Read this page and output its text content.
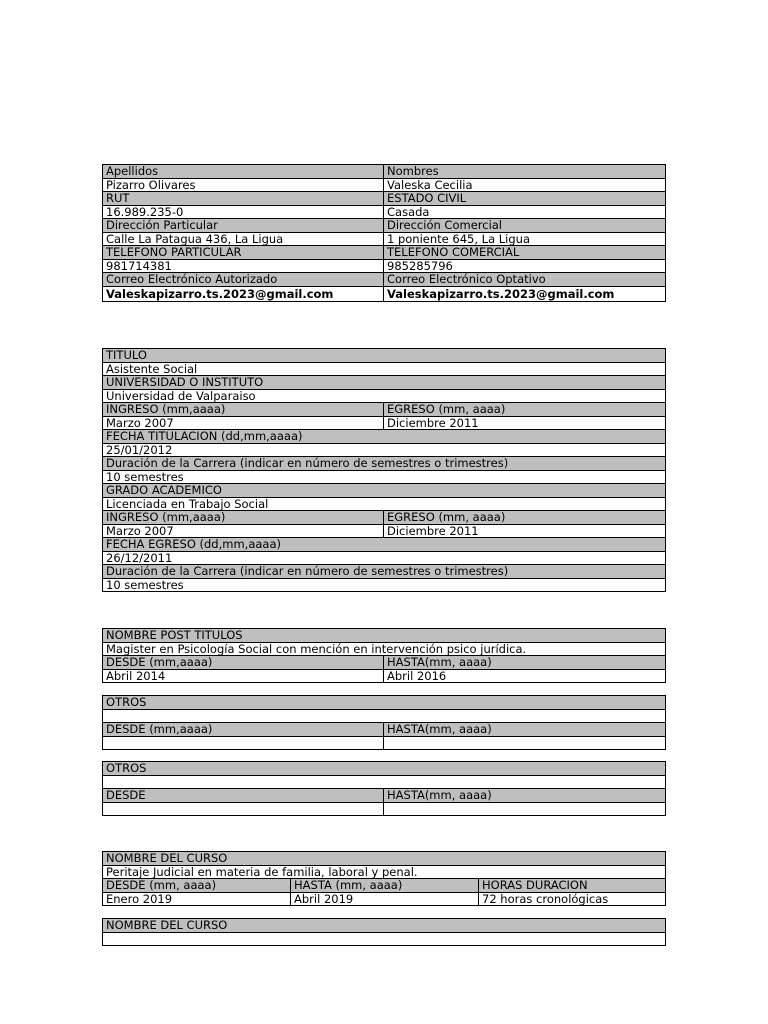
Apellidos	Nombres
Pizarro Olivares	Valeska Cecilia
RUT	ESTADO CIVIL
16.989.235-0	Casada
Dirección Particular	Dirección Comercial
Calle La Patagua 436, La Ligua	1 poniente 645, La Ligua
TELEFONO PARTICULAR	TELEFONO COMERCIAL
981714381	985285796
Correo Electrónico Autorizado	Correo Electrónico Optativo
Valeskapizarro.ts.2023@gmail.com	Valeskapizarro.ts.2023@gmail.com
TITULO	
Asistente Social	
UNIVERSIDAD O INSTITUTO	
Universidad de Valparaiso	
INGRESO (mm,aaaa)	EGRESO (mm, aaaa)
Marzo 2007	Diciembre 2011
FECHA TITULACION (dd,mm,aaaa)	
25/01/2012	
Duración de la Carrera (indicar en número de semestres o trimestres)	
10 semestres	
GRADO ACADEMICO	
Licenciada en Trabajo Social	
INGRESO (mm,aaaa)	EGRESO (mm, aaaa)
Marzo 2007	Diciembre 2011
FECHA EGRESO (dd,mm,aaaa)	
26/12/2011	
Duración de la Carrera (indicar en número de semestres o trimestres)	
10 semestres	
NOMBRE POST TITULOS	
Magister en Psicología Social con mención en intervención psico jurídica.	
DESDE (mm,aaaa)	HASTA(mm, aaaa)
Abril 2014	Abril 2016
OTROS	

DESDE (mm,aaaa)	HASTA(mm, aaaa)

OTROS	

DESDE	HASTA(mm, aaaa)

NOMBRE DEL CURSO		
Peritaje Judicial en materia de familia, laboral y penal.		
DESDE (mm, aaaa)	HASTA (mm, aaaa)	HORAS DURACION
Enero 2019	Abril 2019	72 horas cronológicas
NOMBRE DEL CURSO
